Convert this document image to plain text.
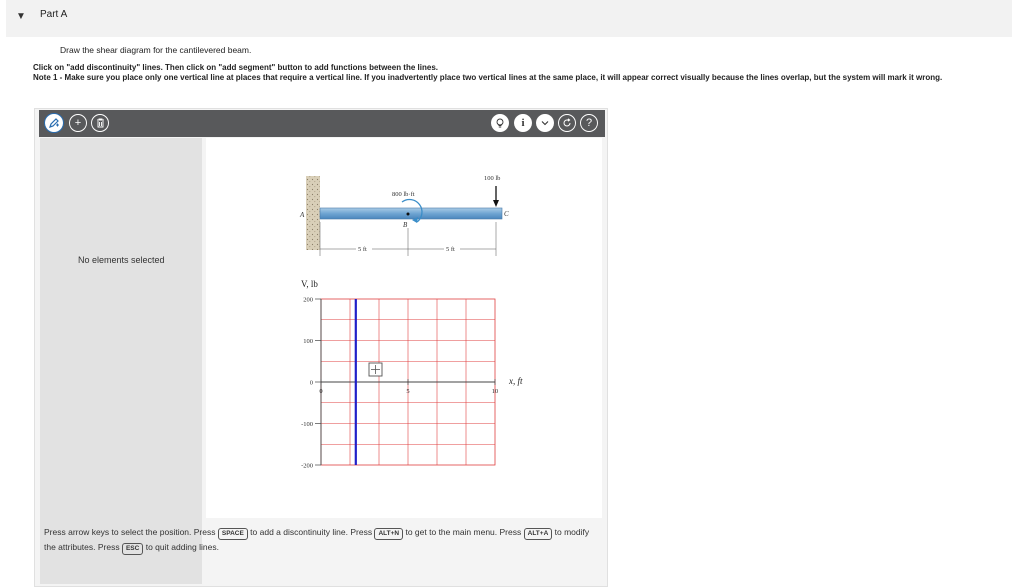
▼ Part A
Draw the shear diagram for the cantilevered beam.
Click on "add discontinuity" lines. Then click on "add segment" button to add functions between the lines.
Note 1 - Make sure you place only one vertical line at places that require a vertical line. If you inadvertently place two vertical lines at the same place, it will appear correct visually because the lines overlap, but the system will mark it wrong.
+	i	?
No elements selected
A
B
C
800 lb·ft
100 lb
5 ft	5 ft
200
100
0
-100
-200
0	5	10
V, lb
x, ft
Press arrow keys to select the position. Press SPACE to add a discontinuity line. Press ALT+N to get to the main menu. Press ALT+A to modify the attributes. Press ESC to quit adding lines.
